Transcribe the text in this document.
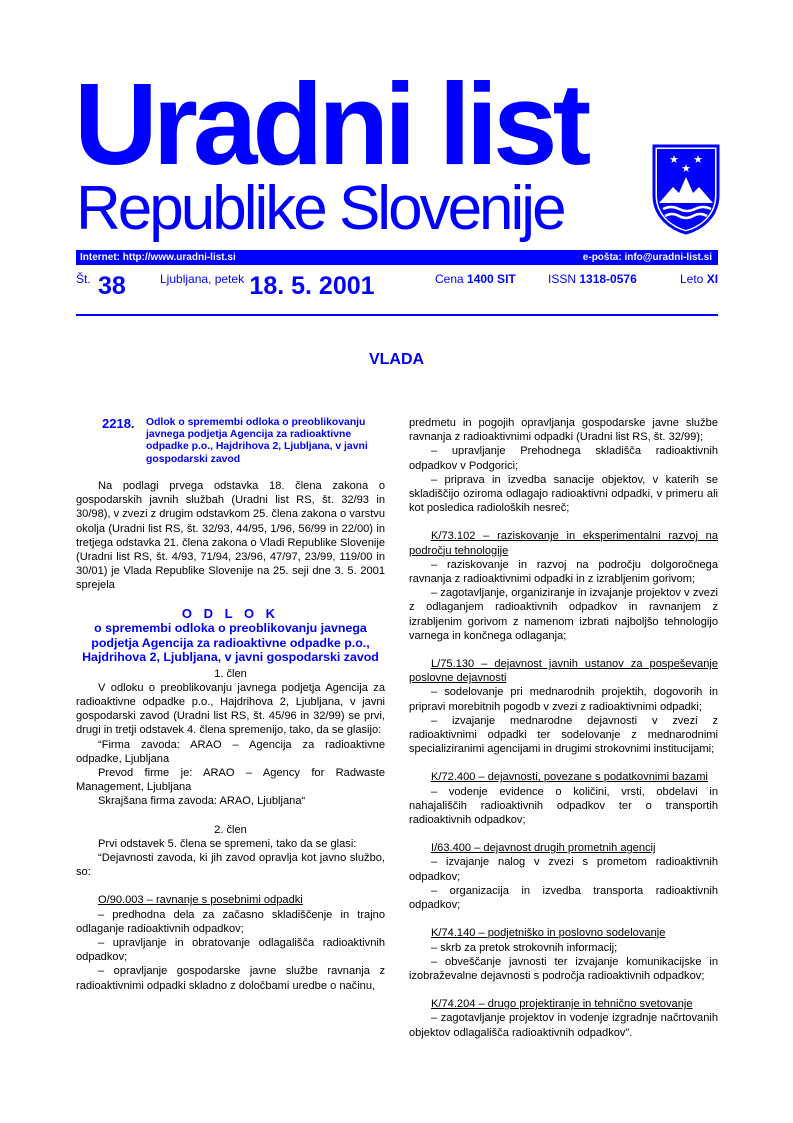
Uradni list
Republike Slovenije
★ ★
★
Internet: http://www.uradni-list.si	e-pošta: info@uradni-list.si
Št. 38	Ljubljana, petek 18. 5. 2001	Cena 1400 SIT	ISSN 1318-0576	Leto XI
VLADA
2218. Odlok o spremembi odloka o preoblikovanju javnega podjetja Agencija za radioaktivne odpadke p.o., Hajdrihova 2, Ljubljana, v javni gospodarski zavod

Na podlagi prvega odstavka 18. člena zakona o gospodarskih javnih službah (Uradni list RS, št. 32/93 in 30/98), v zvezi z drugim odstavkom 25. člena zakona o varstvu okolja (Uradni list RS, št. 32/93, 44/95, 1/96, 56/99 in 22/00) in tretjega odstavka 21. člena zakona o Vladi Republike Slovenije (Uradni list RS, št. 4/93, 71/94, 23/96, 47/97, 23/99, 119/00 in 30/01) je Vlada Republike Slovenije na 25. seji dne 3. 5. 2001 sprejela

O D L O K
o spremembi odloka o preoblikovanju javnega podjetja Agencija za radioaktivne odpadke p.o., Hajdrihova 2, Ljubljana, v javni gospodarski zavod

1. člen

V odloku o preoblikovanju javnega podjetja Agencija za radioaktivne odpadke p.o., Hajdrihova 2, Ljubljana, v javni gospodarski zavod (Uradni list RS, št. 45/96 in 32/99) se prvi, drugi in tretji odstavek 4. člena spremenijo, tako, da se glasijo:

“Firma zavoda: ARAO – Agencija za radioaktivne odpadke, Ljubljana

Prevod firme je: ARAO – Agency for Radwaste Management, Ljubljana

Skrajšana firma zavoda: ARAO, Ljubljana“

2. člen

Prvi odstavek 5. člena se spremeni, tako da se glasi:

“Dejavnosti zavoda, ki jih zavod opravlja kot javno službo, so:

O/90.003 – ravnanje s posebnimi odpadki

– predhodna dela za začasno skladiščenje in trajno odlaganje radioaktivnih odpadkov;

– upravljanje in obratovanje odlagališča radioaktivnih odpadkov;

– opravljanje gospodarske javne službe ravnanja z radioaktivnimi odpadki skladno z določbami uredbe o načinu,

predmetu in pogojih opravljanja gospodarske javne službe ravnanja z radioaktivnimi odpadki (Uradni list RS, št. 32/99);

– upravljanje Prehodnega skladišča radioaktivnih odpadkov v Podgorici;

– priprava in izvedba sanacije objektov, v katerih se skladiščijo oziroma odlagajo radioaktivni odpadki, v primeru ali kot posledica radioloških nesreč;

K/73.102 – raziskovanje in eksperimentalni razvoj na področju tehnologije

– raziskovanje in razvoj na področju dolgoročnega ravnanja z radioaktivnimi odpadki in z izrabljenim gorivom;

– zagotavljanje, organiziranje in izvajanje projektov v zvezi z odlaganjem radioaktivnih odpadkov in ravnanjem z izrabljenim gorivom z namenom izbrati najboljšo tehnologijo varnega in končnega odlaganja;

L/75.130 – dejavnost javnih ustanov za pospeševanje poslovne dejavnosti

– sodelovanje pri mednarodnih projektih, dogovorih in pripravi morebitnih pogodb v zvezi z radioaktivnimi odpadki;

– izvajanje mednarodne dejavnosti v zvezi z radioaktivnimi odpadki ter sodelovanje z mednarodnimi specializiranimi agencijami in drugimi strokovnimi institucijami;

K/72.400 – dejavnosti, povezane s podatkovnimi bazami

– vodenje evidence o količini, vrsti, obdelavi in nahajališčih radioaktivnih odpadkov ter o transportih radioaktivnih odpadkov;

I/63.400 – dejavnost drugih prometnih agencij

– izvajanje nalog v zvezi s prometom radioaktivnih odpadkov;

– organizacija in izvedba transporta radioaktivnih odpadkov;

K/74.140 – podjetniško in poslovno sodelovanje

– skrb za pretok strokovnih informacij;

– obveščanje javnosti ter izvajanje komunikacijske in izobraževalne dejavnosti s področja radioaktivnih odpadkov;

K/74.204 – drugo projektiranje in tehnično svetovanje

– zagotavljanje projektov in vodenje izgradnje načrtovanih objektov odlagališča radioaktivnih odpadkov”.
